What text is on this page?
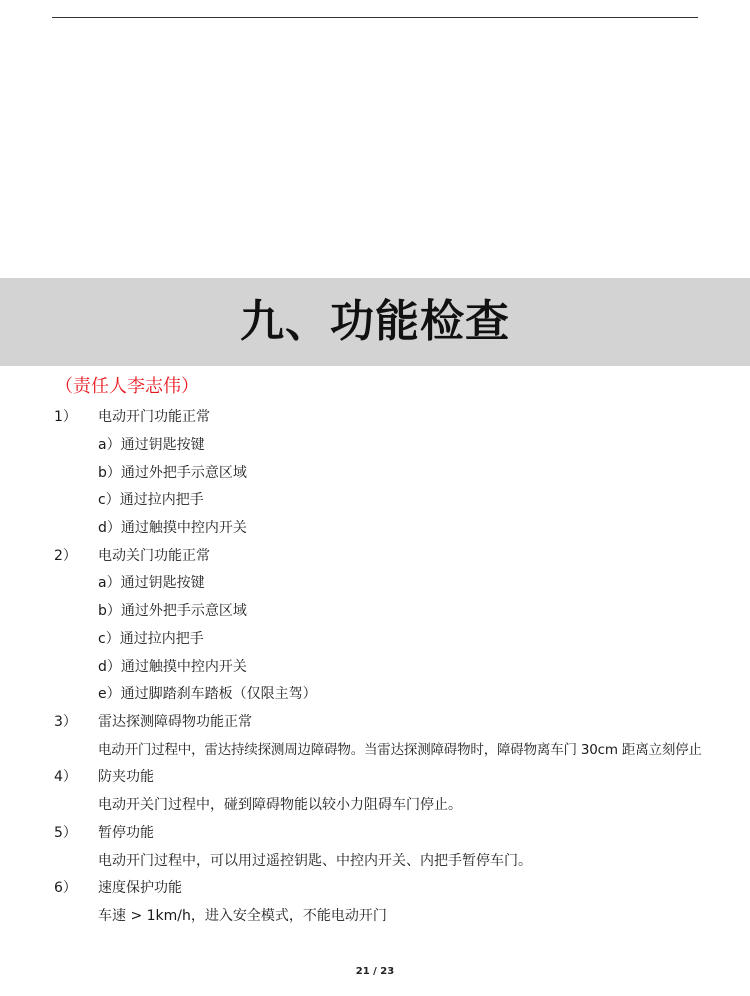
九、功能检查
（责任人李志伟）
1） 电动开门功能正常
a）通过钥匙按键
b）通过外把手示意区域
c）通过拉内把手
d）通过触摸中控内开关
2） 电动关门功能正常
a）通过钥匙按键
b）通过外把手示意区域
c）通过拉内把手
d）通过触摸中控内开关
e）通过脚踏刹车踏板（仅限主驾）
3） 雷达探测障碍物功能正常
电动开门过程中，雷达持续探测周边障碍物。当雷达探测障碍物时，障碍物离车门 30cm 距离立刻停止
4） 防夹功能
电动开关门过程中，碰到障碍物能以较小力阻碍车门停止。
5） 暂停功能
电动开门过程中，可以用过遥控钥匙、中控内开关、内把手暂停车门。
6） 速度保护功能
车速 > 1km/h，进入安全模式，不能电动开门
21 / 23
